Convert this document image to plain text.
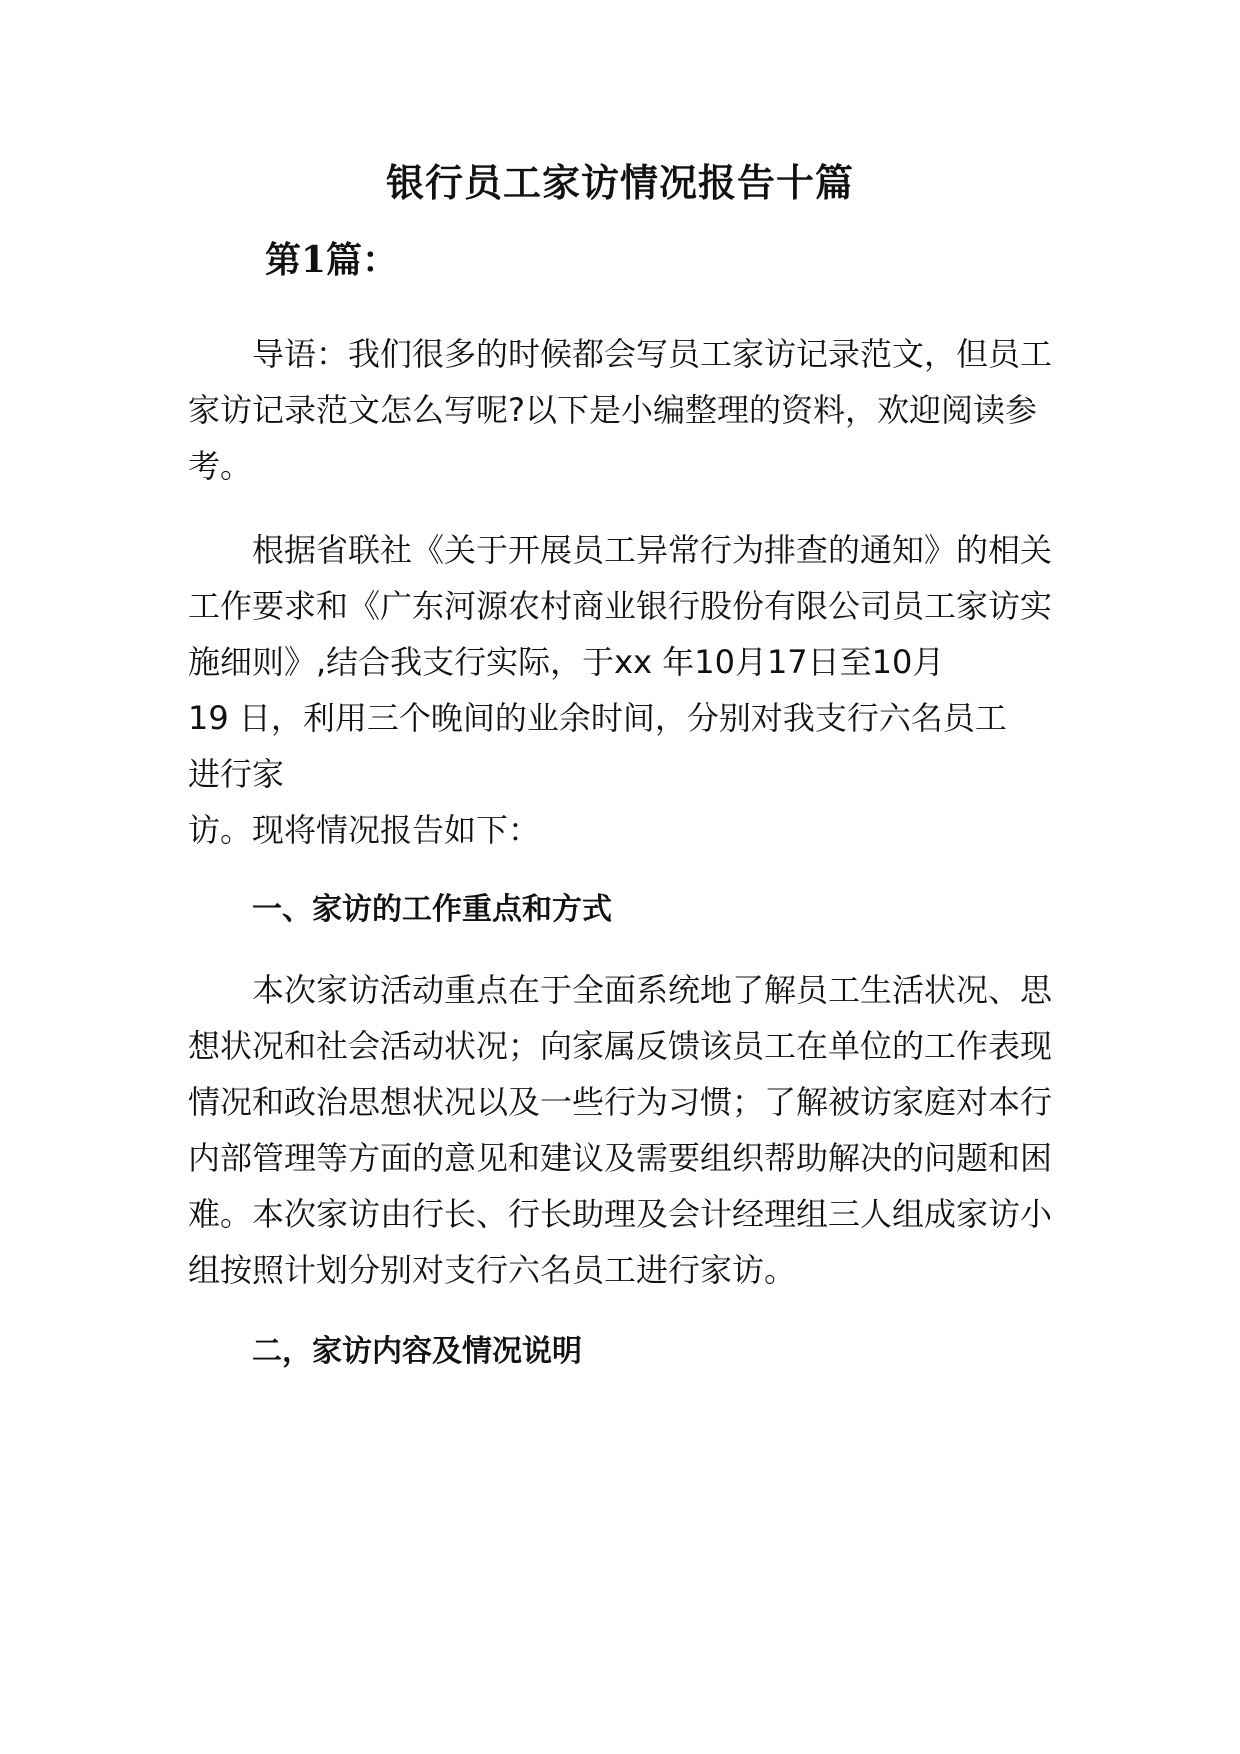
银行员工家访情况报告十篇
第1篇：

导语：我们很多的时候都会写员工家访记录范文，但员工家访记录范文怎么写呢?以下是小编整理的资料，欢迎阅读参考。

根据省联社《关于开展员工异常行为排查的通知》的相关
工作要求和《广东河源农村商业银行股份有限公司员工家访实
施细则》,结合我支行实际，于xx 年10月17日至10月
19 日，利用三个晚间的业余时间，分别对我支行六名员工
进行家
访。现将情况报告如下：
一、家访的工作重点和方式

本次家访活动重点在于全面系统地了解员工生活状况、思想状况和社会活动状况；向家属反馈该员工在单位的工作表现情况和政治思想状况以及一些行为习惯；了解被访家庭对本行内部管理等方面的意见和建议及需要组织帮助解决的问题和困难。本次家访由行长、行长助理及会计经理组三人组成家访小组按照计划分别对支行六名员工进行家访。

二，家访内容及情况说明
